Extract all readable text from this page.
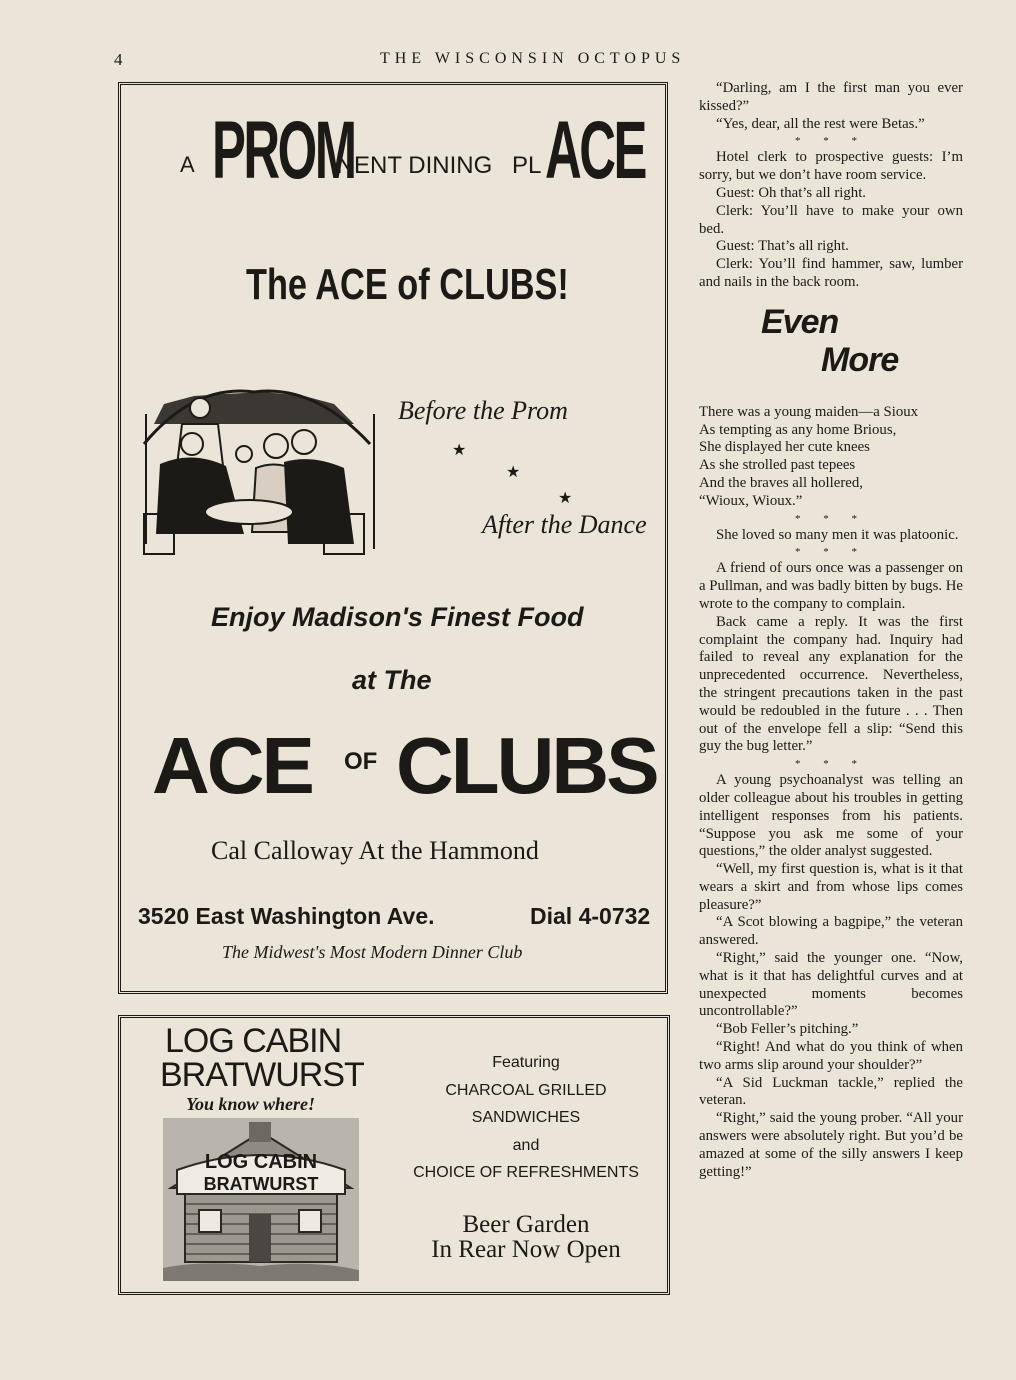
4	THE WISCONSIN OCTOPUS
A PROM
INENT DINING PL ACE
The ACE of CLUBS!
Before the Prom
★
★
★
After the Dance
Enjoy Madison's Finest Food
at The
ACE OF CLUBS
Cal Calloway At the Hammond
3520 East Washington Ave.	Dial 4-0732
The Midwest's Most Modern Dinner Club
LOG CABIN
BRATWURST
You know where!
LOG CABIN
BRATWURST
Featuring
CHARCOAL GRILLED
SANDWICHES
and
CHOICE OF REFRESHMENTS
Beer Garden
In Rear Now Open

“Darling, am I the first man you ever kissed?”

“Yes, dear, all the rest were Betas.”

* * *

Hotel clerk to prospective guests: I’m sorry, but we don’t have room service.

Guest: Oh that’s all right.

Clerk: You’ll have to make your own bed.

Guest: That’s all right.

Clerk: You’ll find hammer, saw, lumber and nails in the back room.

Even
More

There was a young maiden—a Sioux

As tempting as any home Brious,

She displayed her cute knees

As she strolled past tepees

And the braves all hollered,

“Wioux, Wioux.”

* * *

She loved so many men it was platoonic.

* * *

A friend of ours once was a passenger on a Pullman, and was badly bitten by bugs. He wrote to the company to complain.

Back came a reply. It was the first complaint the company had. Inquiry had failed to reveal any explanation for the unprecedented occurrence. Nevertheless, the stringent precautions taken in the past would be redoubled in the future . . . Then out of the envelope fell a slip: “Send this guy the bug letter.”

* * *

A young psychoanalyst was telling an older colleague about his troubles in getting intelligent responses from his patients. “Suppose you ask me some of your questions,” the older analyst suggested.

“Well, my first question is, what is it that wears a skirt and from whose lips comes pleasure?”

“A Scot blowing a bagpipe,” the veteran answered.

“Right,” said the younger one. “Now, what is it that has delightful curves and at unexpected moments becomes uncontrollable?”

“Bob Feller’s pitching.”

“Right! And what do you think of when two arms slip around your shoulder?”

“A Sid Luckman tackle,” replied the veteran.

“Right,” said the young prober. “All your answers were absolutely right. But you’d be amazed at some of the silly answers I keep getting!”
